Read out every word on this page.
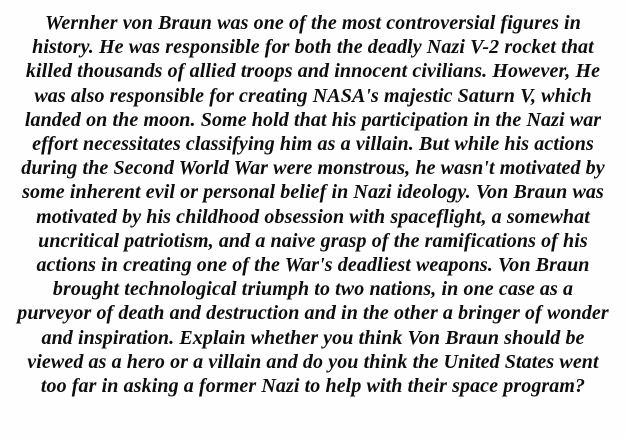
Wernher von Braun was one of the most controversial figures in
history. He was responsible for both the deadly Nazi V-2 rocket that
killed thousands of allied troops and innocent civilians. However, He
was also responsible for creating NASA's majestic Saturn V, which
landed on the moon. Some hold that his participation in the Nazi war
effort necessitates classifying him as a villain. But while his actions
during the Second World War were monstrous, he wasn't motivated by
some inherent evil or personal belief in Nazi ideology. Von Braun was
motivated by his childhood obsession with spaceflight, a somewhat
uncritical patriotism, and a naive grasp of the ramifications of his
actions in creating one of the War's deadliest weapons. Von Braun
brought technological triumph to two nations, in one case as a
purveyor of death and destruction and in the other a bringer of wonder
and inspiration. Explain whether you think Von Braun should be
viewed as a hero or a villain and do you think the United States went
too far in asking a former Nazi to help with their space program?
